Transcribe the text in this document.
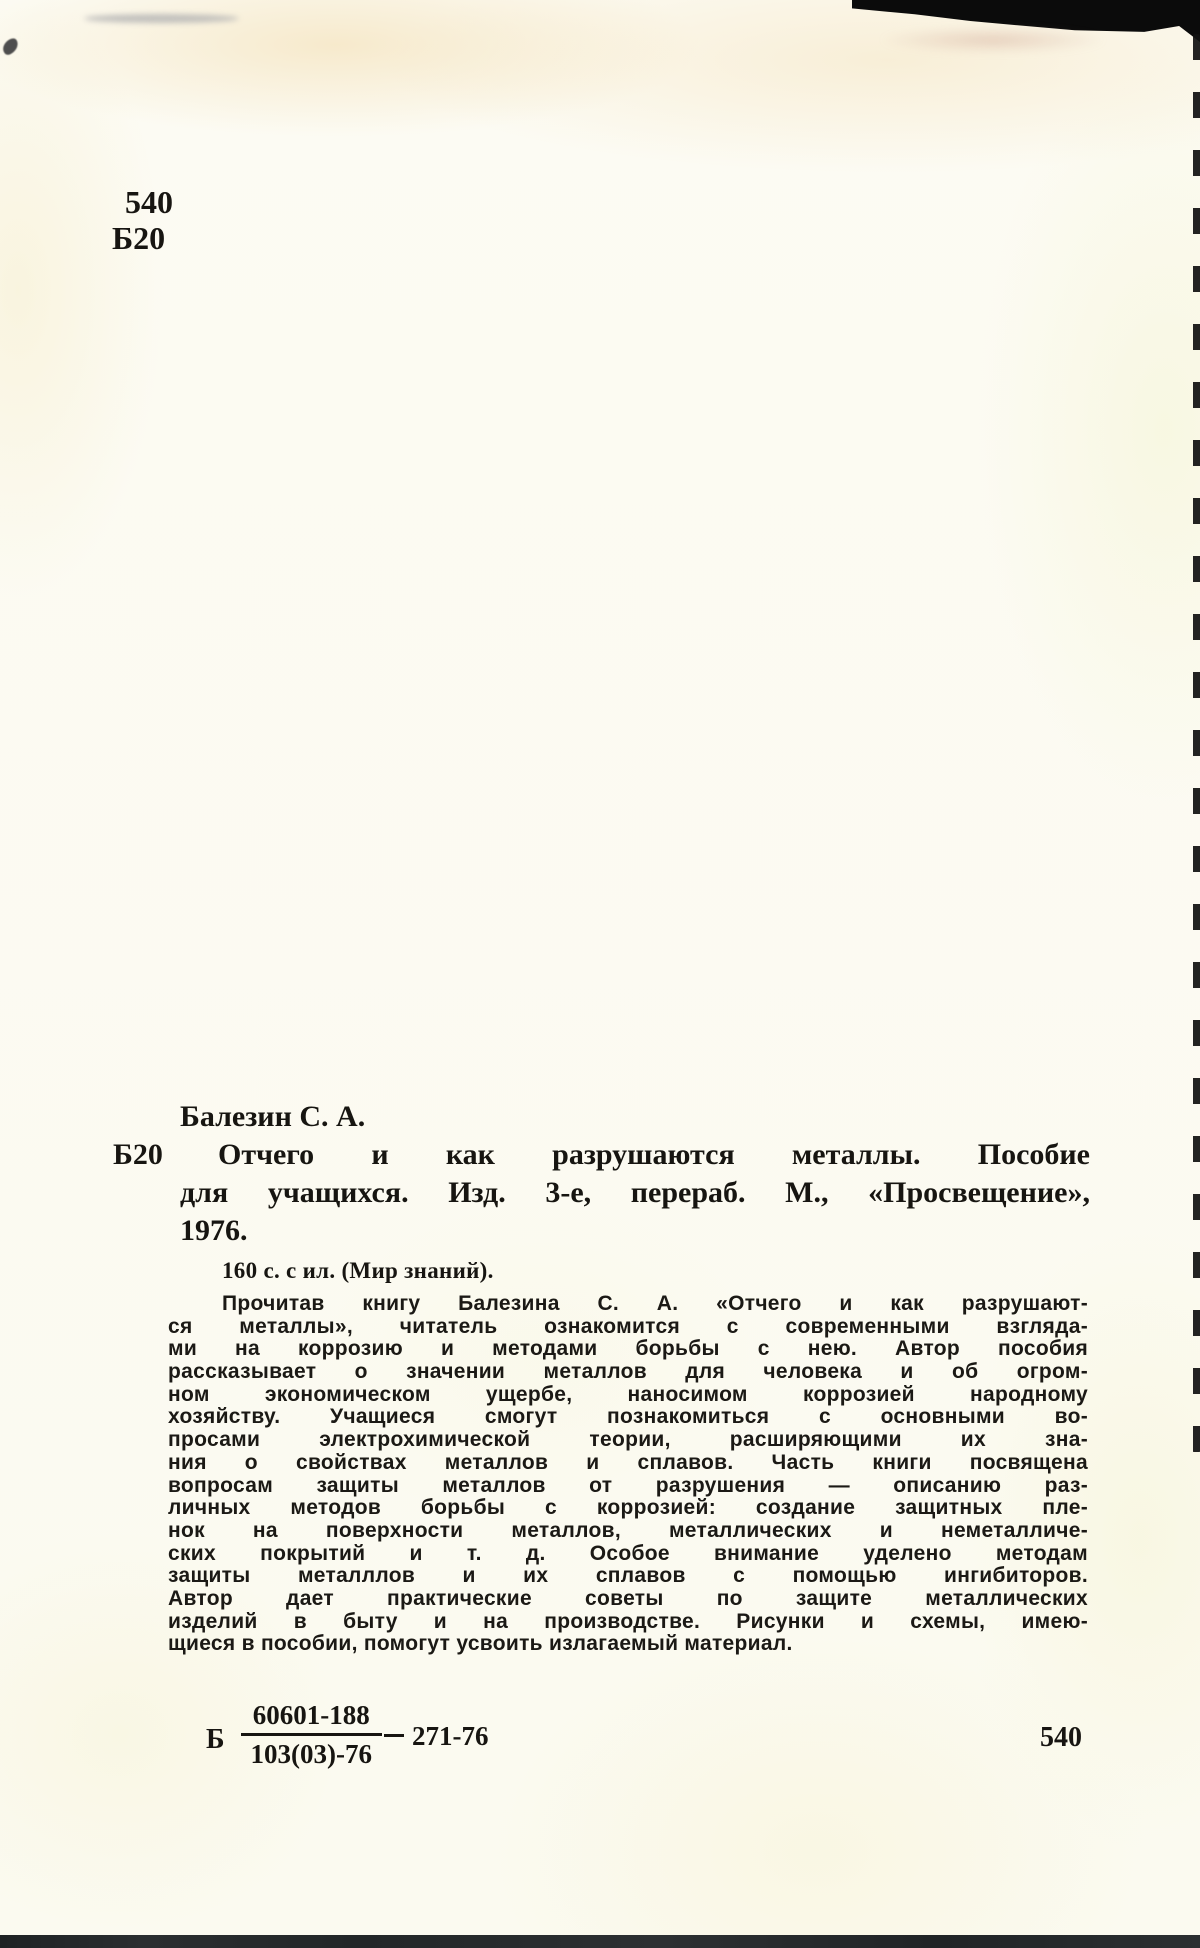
540
Б20
Балезин С. А.
Б20 Отчего и как разрушаются металлы. Пособие
для учащихся. Изд. 3-е, перераб. М., «Просвещение»,
1976.
160 с. с ил. (Мир знаний).
Прочитав книгу Балезина С. А. «Отчего и как разрушают-
ся металлы», читатель ознакомится с современными взгляда-
ми на коррозию и методами борьбы с нею. Автор пособия
рассказывает о значении металлов для человека и об огром-
ном экономическом ущербе, наносимом коррозией народному
хозяйству. Учащиеся смогут познакомиться с основными во-
просами электрохимической теории, расширяющими их зна-
ния о свойствах металлов и сплавов. Часть книги посвящена
вопросам защиты металлов от разрушения — описанию раз-
личных методов борьбы с коррозией: создание защитных пле-
нок на поверхности металлов, металлических и неметалличе-
ских покрытий и т. д. Особое внимание уделено методам
защиты металллов и их сплавов с помощью ингибиторов.
Автор дает практические советы по защите металлических
изделий в быту и на производстве. Рисунки и схемы, имею-
щиеся в пособии, помогут усвоить излагаемый материал.
Б $\frac{60601-188}{103(03)-76} 271-76$	540
